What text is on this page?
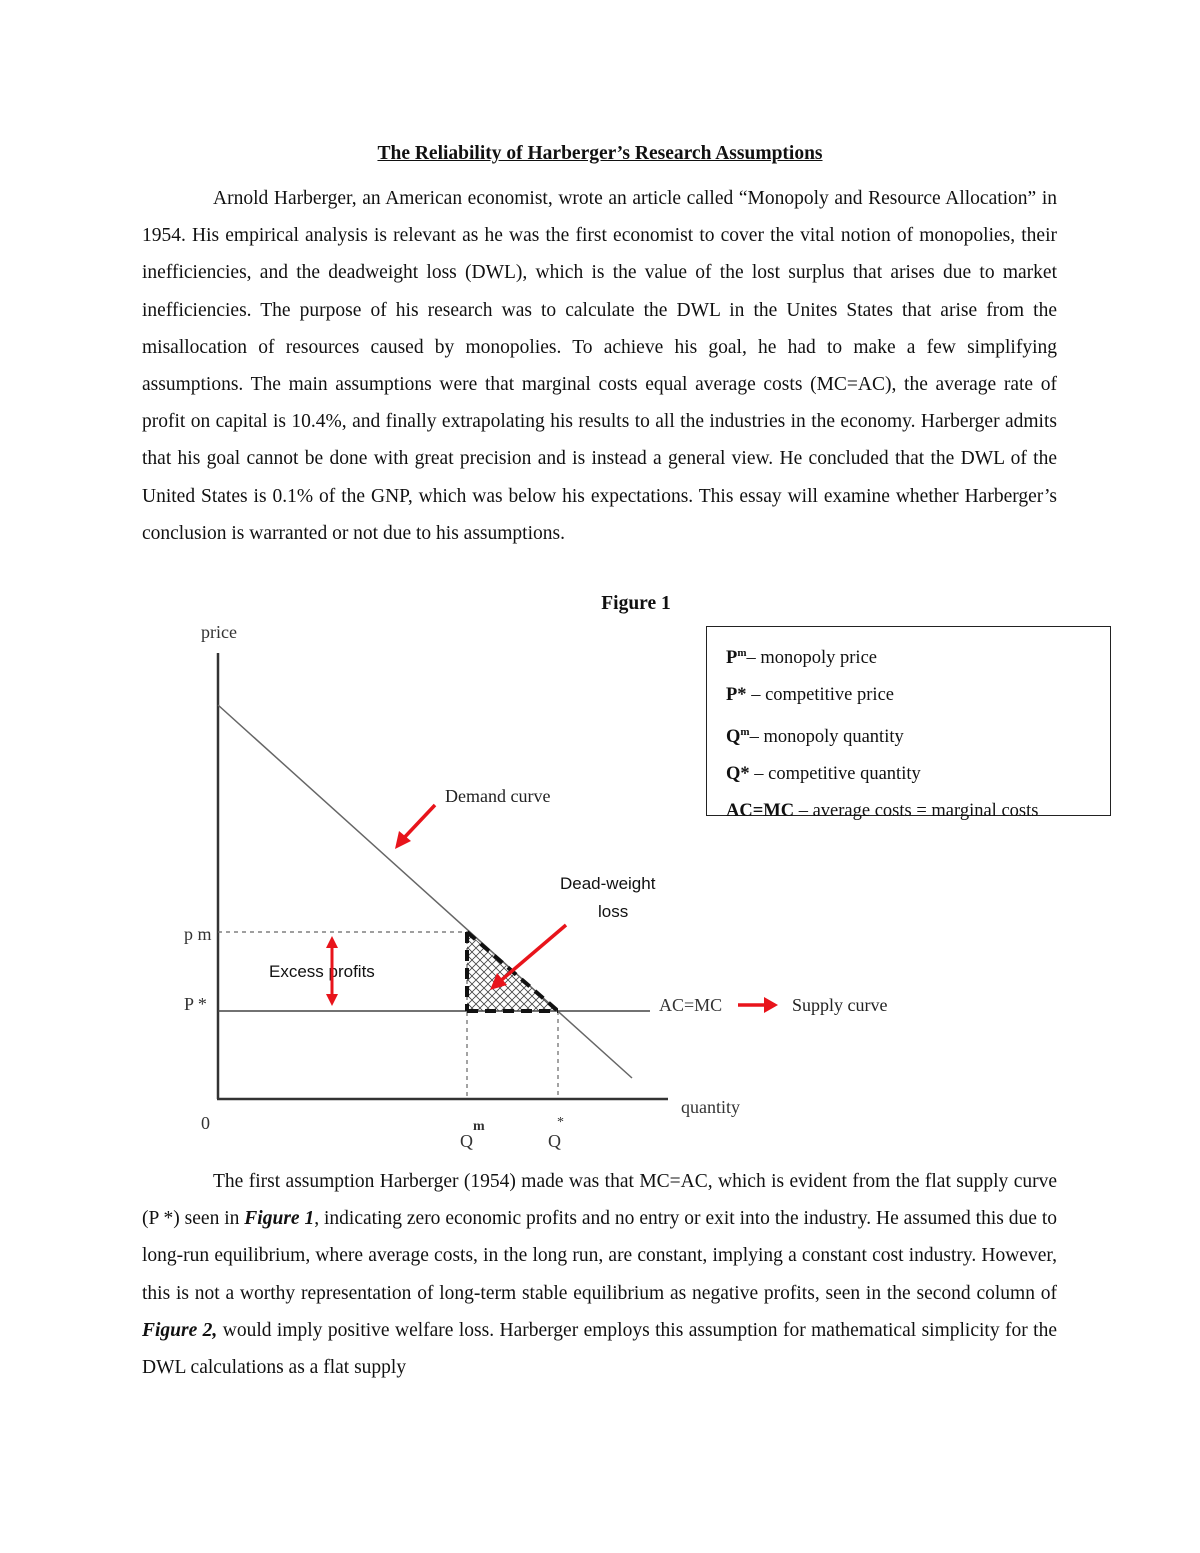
The Reliability of Harberger’s Research Assumptions

Arnold Harberger, an American economist, wrote an article called “Monopoly and Resource Allocation” in 1954. His empirical analysis is relevant as he was the first economist to cover the vital notion of monopolies, their inefficiencies, and the deadweight loss (DWL), which is the value of the lost surplus that arises due to market inefficiencies. The purpose of his research was to calculate the DWL in the Unites States that arise from the misallocation of resources caused by monopolies. To achieve his goal, he had to make a few simplifying assumptions. The main assumptions were that marginal costs equal average costs (MC=AC), the average rate of profit on capital is 10.4%, and finally extrapolating his results to all the industries in the economy. Harberger admits that his goal cannot be done with great precision and is instead a general view. He concluded that the DWL of the United States is 0.1% of the GNP, which was below his expectations. This essay will examine whether Harberger’s conclusion is warranted or not due to his assumptions.

Figure 1
price
quantity
0
p m
P *
m
Q
*
Q
AC=MC	Supply curve
Demand curve
Dead-weight
loss
Excess profits
$P^m-$ monopoly price
P* – competitive price
$Q^m-$ monopoly quantity
Q* – competitive quantity
AC=MC – average costs = marginal costs

The first assumption Harberger (1954) made was that MC=AC, which is evident from the flat supply curve (P *) seen in Figure 1, indicating zero economic profits and no entry or exit into the industry. He assumed this due to long-run equilibrium, where average costs, in the long run, are constant, implying a constant cost industry. However, this is not a worthy representation of long-term stable equilibrium as negative profits, seen in the second column of Figure 2, would imply positive welfare loss. Harberger employs this assumption for mathematical simplicity for the DWL calculations as a flat supply
